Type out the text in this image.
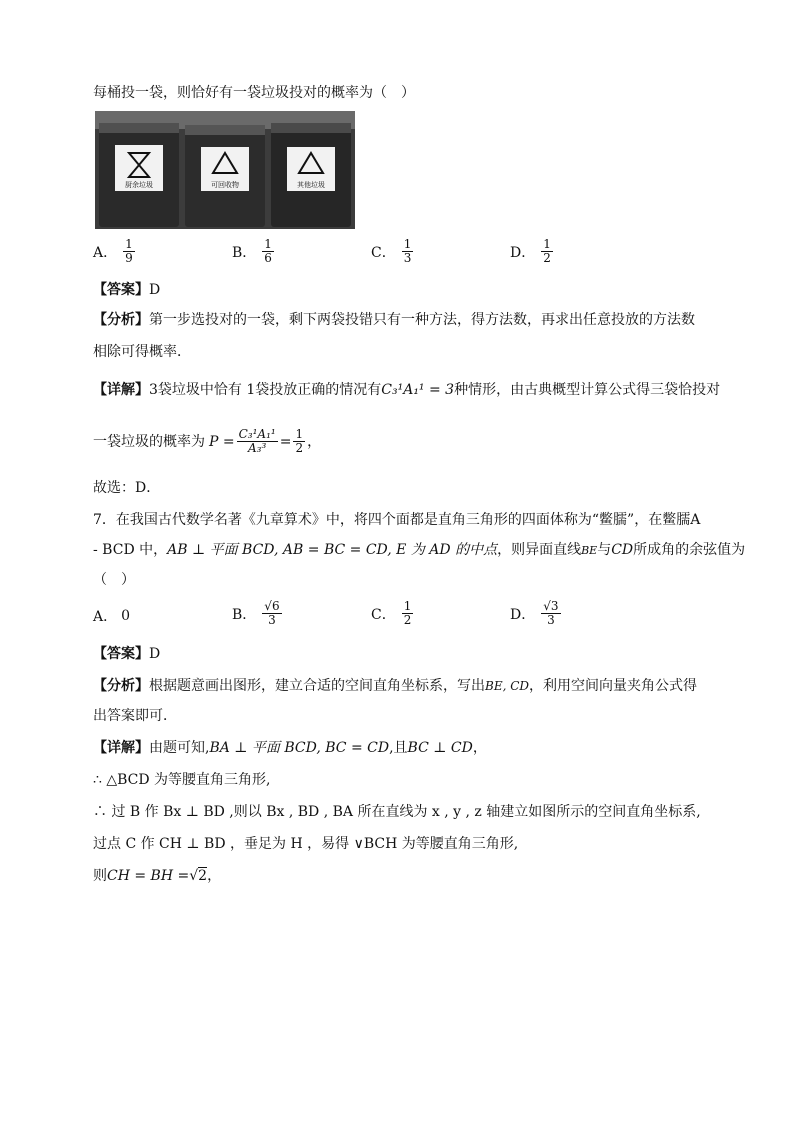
每桶投一袋，则恰好有一袋垃圾投对的概率为（　）
厨余垃圾	可回收物	其他垃圾
A． $\frac{1}{9}$	B． $\frac{1}{6}$	C． $\frac{1}{3}$	D． $\frac{1}{2}$
【答案】D
【分析】第一步选投对的一袋，剩下两袋投错只有一种方法，得方法数，再求出任意投放的方法数
相除可得概率．
【详解】3袋垃圾中恰有 1袋投放正确的情况有C₃¹A₁¹ = 3种情形，由古典概型计算公式得三袋恰投对
一袋垃圾的概率为 $P = \frac{\text{C₃¹A₁¹}}{\text{A₃³}} = \frac{1}{2}$ ，
故选：D．
7．在我国古代数学名著《九章算术》中，将四个面都是直角三角形的四面体称为“鳖臑”，在鳖臑A
- BCD 中，AB ⊥ 平面 BCD, AB = BC = CD, E 为 AD 的中点，则异面直线BE与CD所成角的余弦值为
（　）
A． 0	B． $\frac{√6}{3}$	C． $\frac{1}{2}$	D． $\frac{√3}{3}$
【答案】D
【分析】根据题意画出图形，建立合适的空间直角坐标系，写出BE, CD，利用空间向量夹角公式得
出答案即可．
【详解】由题可知,BA ⊥ 平面 BCD, BC = CD,且BC ⊥ CD，
∴ △BCD 为等腰直角三角形,
∴ 过 B 作 Bx ⊥ BD ,则以 Bx , BD , BA 所在直线为 x , y , z 轴建立如图所示的空间直角坐标系,
过点 C 作 CH ⊥ BD ，垂足为 H ，易得 ∨BCH 为等腰直角三角形,
则CH = BH =√2，
